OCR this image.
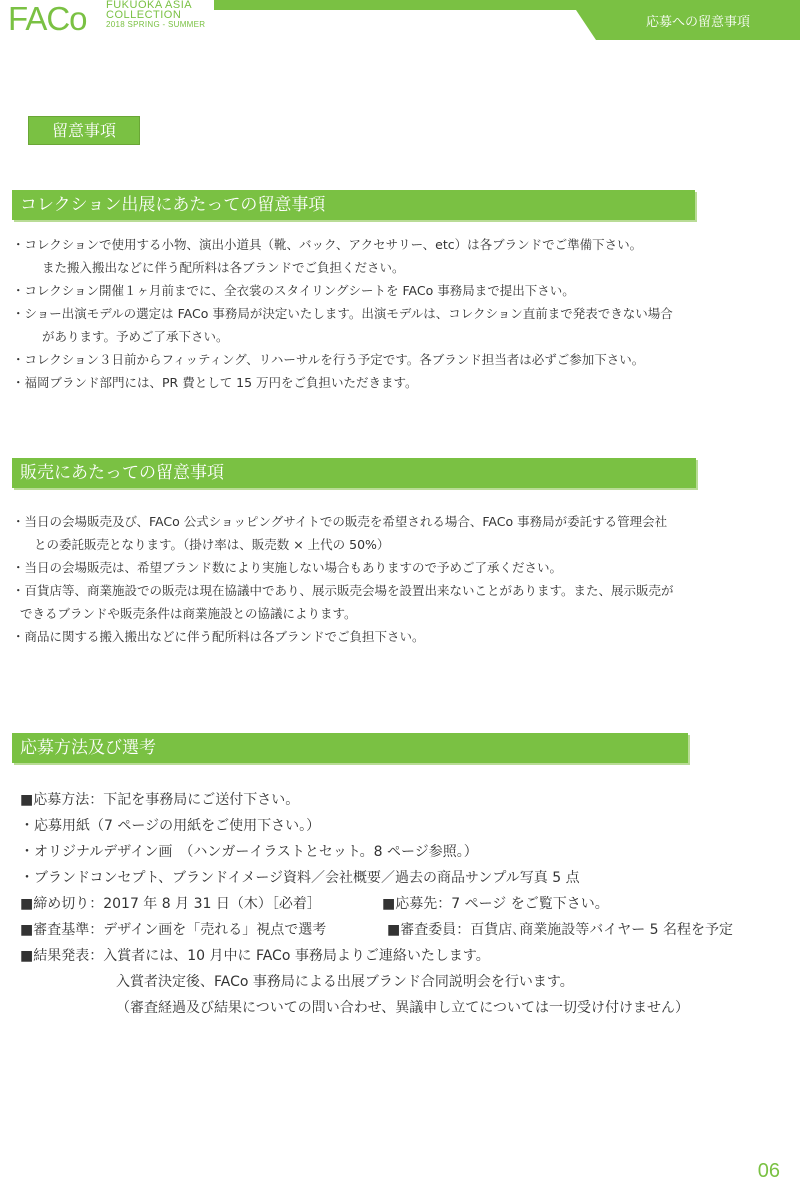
FACo FUKUOKA ASIA
COLLECTION
2018 SPRING - SUMMER	応募への留意事項
留意事項
コレクション出展にあたっての留意事項

・コレクションで使用する小物、演出小道具（靴、バック、アクセサリー、etc）は各ブランドでご準備下さい。

また搬入搬出などに伴う配所料は各ブランドでご負担ください。

・コレクション開催１ヶ月前までに、全衣裳のスタイリングシートを FACo 事務局まで提出下さい。

・ショー出演モデルの選定は FACo 事務局が決定いたします。出演モデルは、コレクション直前まで発表できない場合

があります。予めご了承下さい。

・コレクション３日前からフィッティング、リハーサルを行う予定です。各ブランド担当者は必ずご参加下さい。

・福岡ブランド部門には、PR 費として 15 万円をご負担いただきます。

販売にあたっての留意事項

・当日の会場販売及び、FACo 公式ショッピングサイトでの販売を希望される場合、FACo 事務局が委託する管理会社

との委託販売となります。（掛け率は、販売数 × 上代の 50%）

・当日の会場販売は、希望ブランド数により実施しない場合もありますので予めご了承ください。

・百貨店等、商業施設での販売は現在協議中であり、展示販売会場を設置出来ないことがあります。また、展示販売が

できるブランドや販売条件は商業施設との協議によります。

・商品に関する搬入搬出などに伴う配所料は各ブランドでご負担下さい。

応募方法及び選考
■応募方法：下記を事務局にご送付下さい。
・応募用紙（7 ページの用紙をご使用下さい。）
・オリジナルデザイン画　（ハンガーイラストとセット。8 ページ参照。）
・ブランドコンセプト、ブランドイメージ資料／会社概要／過去の商品サンプル写真 5 点
■締め切り：2017 年 8 月 31 日（木）［必着］	■応募先：7 ページ をご覧下さい。
■審査基準：デザイン画を「売れる」視点で選考	■審査委員：百貨店､商業施設等バイヤー 5 名程を予定
■結果発表：入賞者には、10 月中に FACo 事務局よりご連絡いたします。
入賞者決定後、FACo 事務局による出展ブランド合同説明会を行います。
（審査経過及び結果についての問い合わせ、異議申し立てについては一切受け付けません）
06
